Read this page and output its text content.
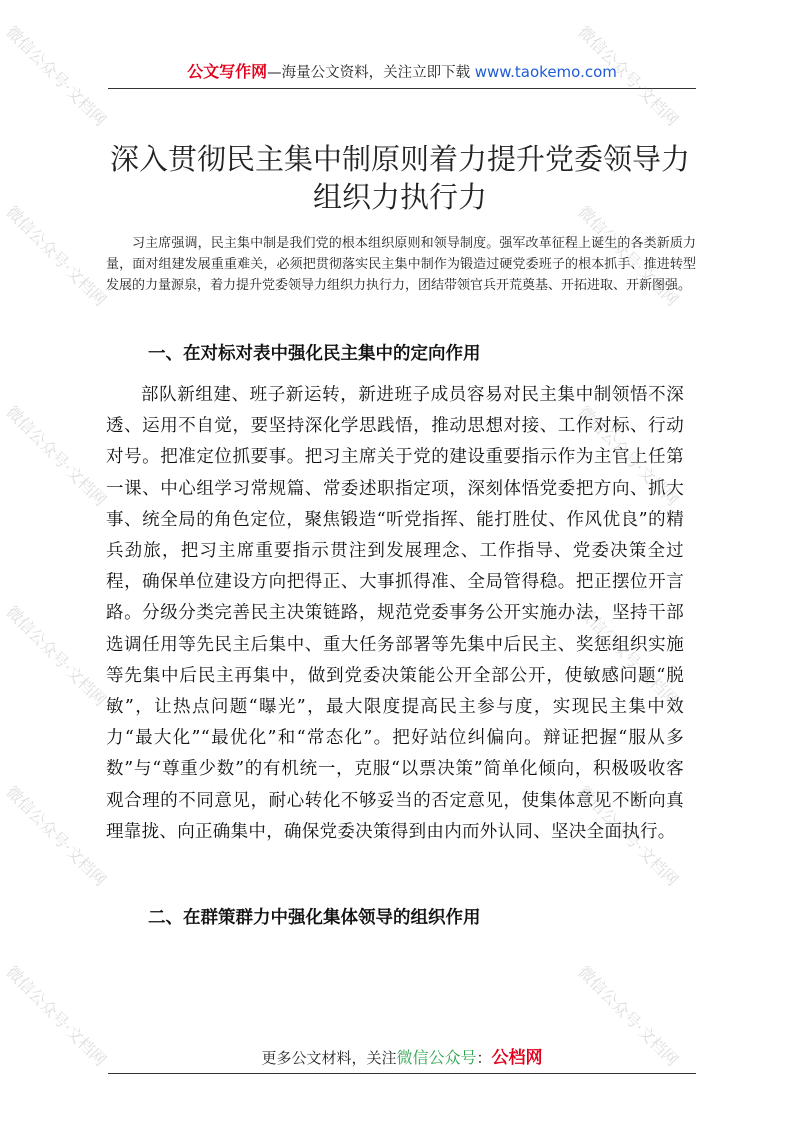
公文写作网—海量公文资料，关注立即下载 www.taokemo.com
深入贯彻民主集中制原则着力提升党委领导力
组织力执行力
习主席强调，民主集中制是我们党的根本组织原则和领导制度。强军改革征程上诞生的各类新质力量，面对组建发展重重难关，必须把贯彻落实民主集中制作为锻造过硬党委班子的根本抓手、推进转型发展的力量源泉，着力提升党委领导力组织力执行力，团结带领官兵开荒奠基、开拓进取、开新图强。
一、在对标对表中强化民主集中的定向作用
部队新组建、班子新运转，新进班子成员容易对民主集中制领悟不深透、运用不自觉，要坚持深化学思践悟，推动思想对接、工作对标、行动对号。把准定位抓要事。把习主席关于党的建设重要指示作为主官上任第一课、中心组学习常规篇、常委述职指定项，深刻体悟党委把方向、抓大事、统全局的角色定位，聚焦锻造“听党指挥、能打胜仗、作风优良”的精兵劲旅，把习主席重要指示贯注到发展理念、工作指导、党委决策全过程，确保单位建设方向把得正、大事抓得准、全局管得稳。把正摆位开言路。分级分类完善民主决策链路，规范党委事务公开实施办法，坚持干部选调任用等先民主后集中、重大任务部署等先集中后民主、奖惩组织实施等先集中后民主再集中，做到党委决策能公开全部公开，使敏感问题“脱敏”，让热点问题“曝光”，最大限度提高民主参与度，实现民主集中效力“最大化”“最优化”和“常态化”。把好站位纠偏向。辩证把握“服从多数”与“尊重少数”的有机统一，克服“以票决策”简单化倾向，积极吸收客观合理的不同意见，耐心转化不够妥当的否定意见，使集体意见不断向真理靠拢、向正确集中，确保党委决策得到由内而外认同、坚决全面执行。
二、在群策群力中强化集体领导的组织作用
更多公文材料，关注微信公众号：公档网
微信公众号·文档网	微信公众号·文档网
微信公众号·文档网	微信公众号·文档网
微信公众号·文档网	微信公众号·文档网
微信公众号·文档网	微信公众号·文档网
微信公众号·文档网	微信公众号·文档网
微信公众号·文档网	微信公众号·文档网
